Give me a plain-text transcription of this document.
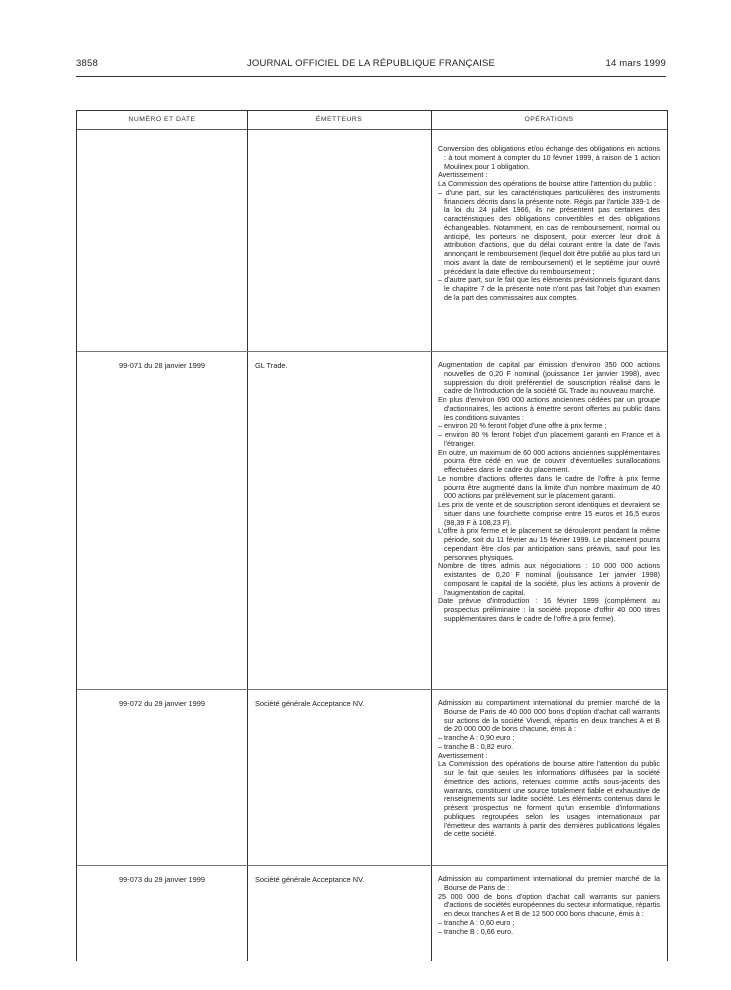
3858	JOURNAL OFFICIEL DE LA RÉPUBLIQUE FRANÇAISE	14 mars 1999
NUMÉRO ET DATE	ÉMETTEURS	OPÉRATIONS

Conversion des obligations et/ou échange des obligations en actions : à tout moment à compter du 10 février 1999, à raison de 1 action Moulinex pour 1 obligation.

Avertissement :

La Commission des opérations de bourse attire l'attention du public :

– d'une part, sur les caractéristiques particulières des instruments financiers décrits dans la présente note. Régis par l'article 339-1 de la loi du 24 juillet 1966, ils ne présentent pas certaines des caractéristiques des obligations convertibles et des obligations échangeables. Notamment, en cas de remboursement, normal ou anticipé, les porteurs ne disposent, pour exercer leur droit à attribution d'actions, que du délai courant entre la date de l'avis annonçant le remboursement (lequel doit être publié au plus tard un mois avant la date de remboursement) et le septième jour ouvré précédant la date effective du remboursement ;

– d'autre part, sur le fait que les éléments prévisionnels figurant dans le chapitre 7 de la présente note n'ont pas fait l'objet d'un examen de la part des commissaires aux comptes.

99-071 du 28 janvier 1999	GL Trade.	Augmentation de capital par émission d'environ 350 000 actions nouvelles de 0,20 F nominal (jouissance 1er janvier 1998), avec suppression du droit préférentiel de souscription réalisé dans le cadre de l'introduction de la société GL Trade au nouveau marché.

En plus d'environ 690 000 actions anciennes cédées par un groupe d'actionnaires, les actions à émettre seront offertes au public dans les conditions suivantes :

– environ 20 % feront l'objet d'une offre à prix ferme ;

– environ 80 % feront l'objet d'un placement garanti en France et à l'étranger.

En outre, un maximum de 60 000 actions anciennes supplémentaires pourra être cédé en vue de couvrir d'éventuelles surallocations effectuées dans le cadre du placement.

Le nombre d'actions offertes dans le cadre de l'offre à prix ferme pourra être augmenté dans la limite d'un nombre maximum de 40 000 actions par prélèvement sur le placement garanti.

Les prix de vente et de souscription seront identiques et devraient se situer dans une fourchette comprise entre 15 euros et 16,5 euros (98,39 F à 108,23 F).

L'offre à prix ferme et le placement se dérouleront pendant la même période, soit du 11 février au 15 février 1999. Le placement pourra cependant être clos par anticipation sans préavis, sauf pour les personnes physiques.

Nombre de titres admis aux négociations : 10 000 000 actions existantes de 0,20 F nominal (jouissance 1er janvier 1998) composant le capital de la société, plus les actions à provenir de l'augmentation de capital.

Date prévue d'introduction : 16 février 1999 (complément au prospectus préliminaire : la société propose d'offrir 40 000 titres supplémentaires dans le cadre de l'offre à prix ferme).

99-072 du 29 janvier 1999	Société générale Acceptance NV.	Admission au compartiment international du premier marché de la Bourse de Paris de 40 000 000 bons d'option d'achat call warrants sur actions de la société Vivendi, répartis en deux tranches A et B de 20 000 000 de bons chacune, émis à :

– tranche A : 0,90 euro ;

– tranche B : 0,82 euro.

Avertissement :

La Commission des opérations de bourse attire l'attention du public sur le fait que seules les informations diffusées par la société émettrice des actions, retenues comme actifs sous-jacents des warrants, constituent une source totalement fiable et exhaustive de renseignements sur ladite société. Les éléments contenus dans le présent prospectus ne forment qu'un ensemble d'informations publiques regroupées selon les usages internationaux par l'émetteur des warrants à partir des dernières publications légales de cette société.

99-073 du 29 janvier 1999	Société générale Acceptance NV.	Admission au compartiment international du premier marché de la Bourse de Paris de :

25 000 000 de bons d'option d'achat call warrants sur paniers d'actions de sociétés européennes du secteur informatique, répartis en deux tranches A et B de 12 500 000 bons chacune, émis à :

– tranche A : 0,60 euro ;

– tranche B : 0,66 euro.
